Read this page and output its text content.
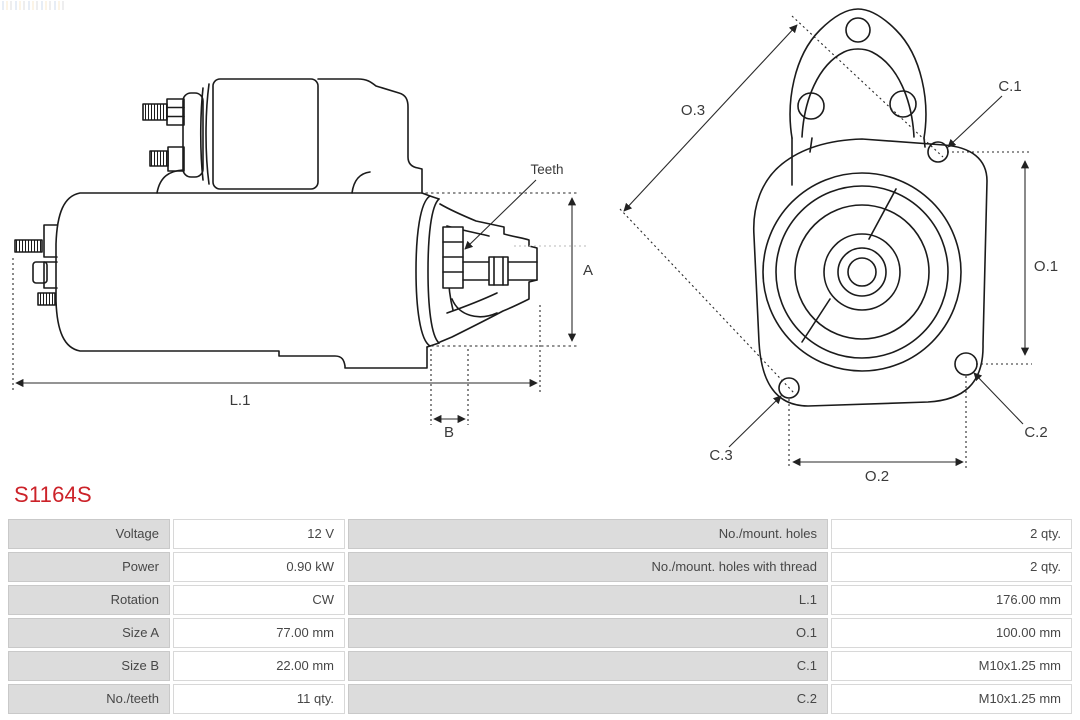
Teeth
A
L.1
B
O.3
O.1
O.2
C.1
C.2
C.3
S1164S
Voltage	12 V	No./mount. holes	2 qty.
Power	0.90 kW	No./mount. holes with thread	2 qty.
Rotation	CW	L.1	176.00 mm
Size A	77.00 mm	O.1	100.00 mm
Size B	22.00 mm	C.1	M10x1.25 mm
No./teeth	11 qty.	C.2	M10x1.25 mm
